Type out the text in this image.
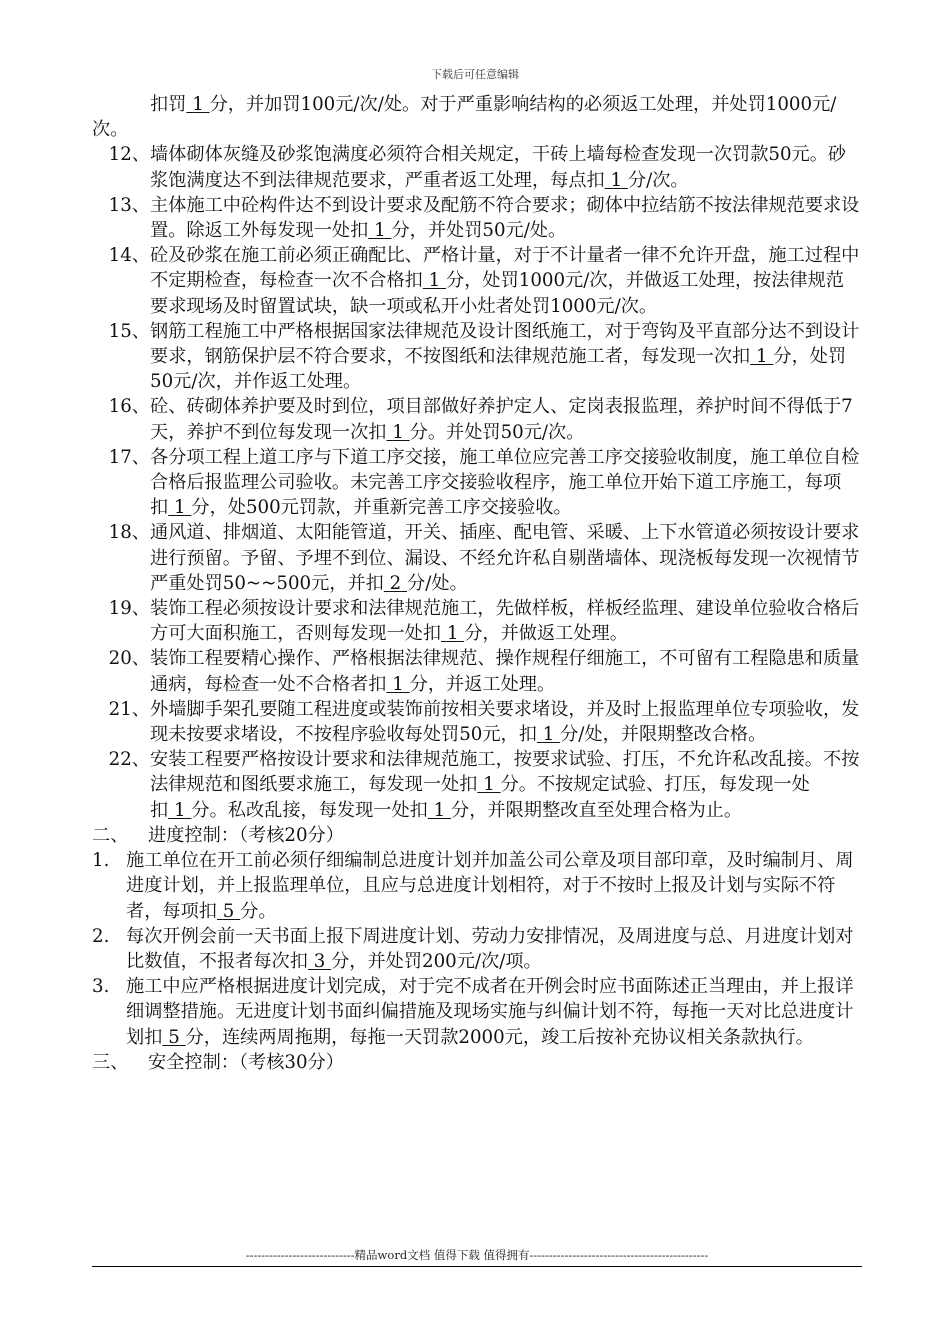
下载后可任意编辑
扣罚 1 分，并加罚100元/次/处。对于严重影响结构的必须返工处理，并处罚1000元/次。
12、 墙体砌体灰缝及砂浆饱满度必须符合相关规定，干砖上墙每检查发现一次罚款50元。砂浆饱满度达不到法律规范要求，严重者返工处理，每点扣 1 分/次。
13、 主体施工中砼构件达不到设计要求及配筋不符合要求；砌体中拉结筋不按法律规范要求设置。除返工外每发现一处扣 1 分，并处罚50元/处。
14、 砼及砂浆在施工前必须正确配比、严格计量，对于不计量者一律不允许开盘，施工过程中不定期检查，每检查一次不合格扣 1 分，处罚1000元/次，并做返工处理，按法律规范要求现场及时留置试块，缺一项或私开小灶者处罚1000元/次。
15、 钢筋工程施工中严格根据国家法律规范及设计图纸施工，对于弯钩及平直部分达不到设计要求，钢筋保护层不符合要求，不按图纸和法律规范施工者，每发现一次扣 1 分，处罚50元/次，并作返工处理。
16、 砼、砖砌体养护要及时到位，项目部做好养护定人、定岗表报监理，养护时间不得低于7天，养护不到位每发现一次扣 1 分。并处罚50元/次。
17、 各分项工程上道工序与下道工序交接，施工单位应完善工序交接验收制度，施工单位自检合格后报监理公司验收。未完善工序交接验收程序，施工单位开始下道工序施工，每项扣 1 分，处500元罚款，并重新完善工序交接验收。
18、 通风道、排烟道、太阳能管道，开关、插座、配电管、采暖、上下水管道必须按设计要求进行预留。予留、予埋不到位、漏设、不经允许私自剔凿墙体、现浇板每发现一次视情节严重处罚50~~500元，并扣 2 分/处。
19、 装饰工程必须按设计要求和法律规范施工，先做样板，样板经监理、建设单位验收合格后方可大面积施工，否则每发现一处扣 1 分，并做返工处理。
20、 装饰工程要精心操作、严格根据法律规范、操作规程仔细施工，不可留有工程隐患和质量通病，每检查一处不合格者扣 1 分，并返工处理。
21、 外墙脚手架孔要随工程进度或装饰前按相关要求堵设，并及时上报监理单位专项验收，发现未按要求堵设，不按程序验收每处罚50元，扣 1 分/处，并限期整改合格。
22、 安装工程要严格按设计要求和法律规范施工，按要求试验、打压，不允许私改乱接。不按法律规范和图纸要求施工，每发现一处扣 1 分。不按规定试验、打压，每发现一处扣 1 分。私改乱接，每发现一处扣 1 分，并限期整改直至处理合格为止。
二、 进度控制：（考核20分）
1. 施工单位在开工前必须仔细编制总进度计划并加盖公司公章及项目部印章，及时编制月、周进度计划，并上报监理单位，且应与总进度计划相符，对于不按时上报及计划与实际不符者，每项扣 5 分。
2. 每次开例会前一天书面上报下周进度计划、劳动力安排情况，及周进度与总、月进度计划对比数值，不报者每次扣 3 分，并处罚200元/次/项。
3. 施工中应严格根据进度计划完成，对于完不成者在开例会时应书面陈述正当理由，并上报详细调整措施。无进度计划书面纠偏措施及现场实施与纠偏计划不符，每拖一天对比总进度计划扣 5 分，连续两周拖期，每拖一天罚款2000元，竣工后按补充协议相关条款执行。
三、 安全控制：（考核30分）
----------------------------精品word文档 值得下载 值得拥有----------------------------------------------
